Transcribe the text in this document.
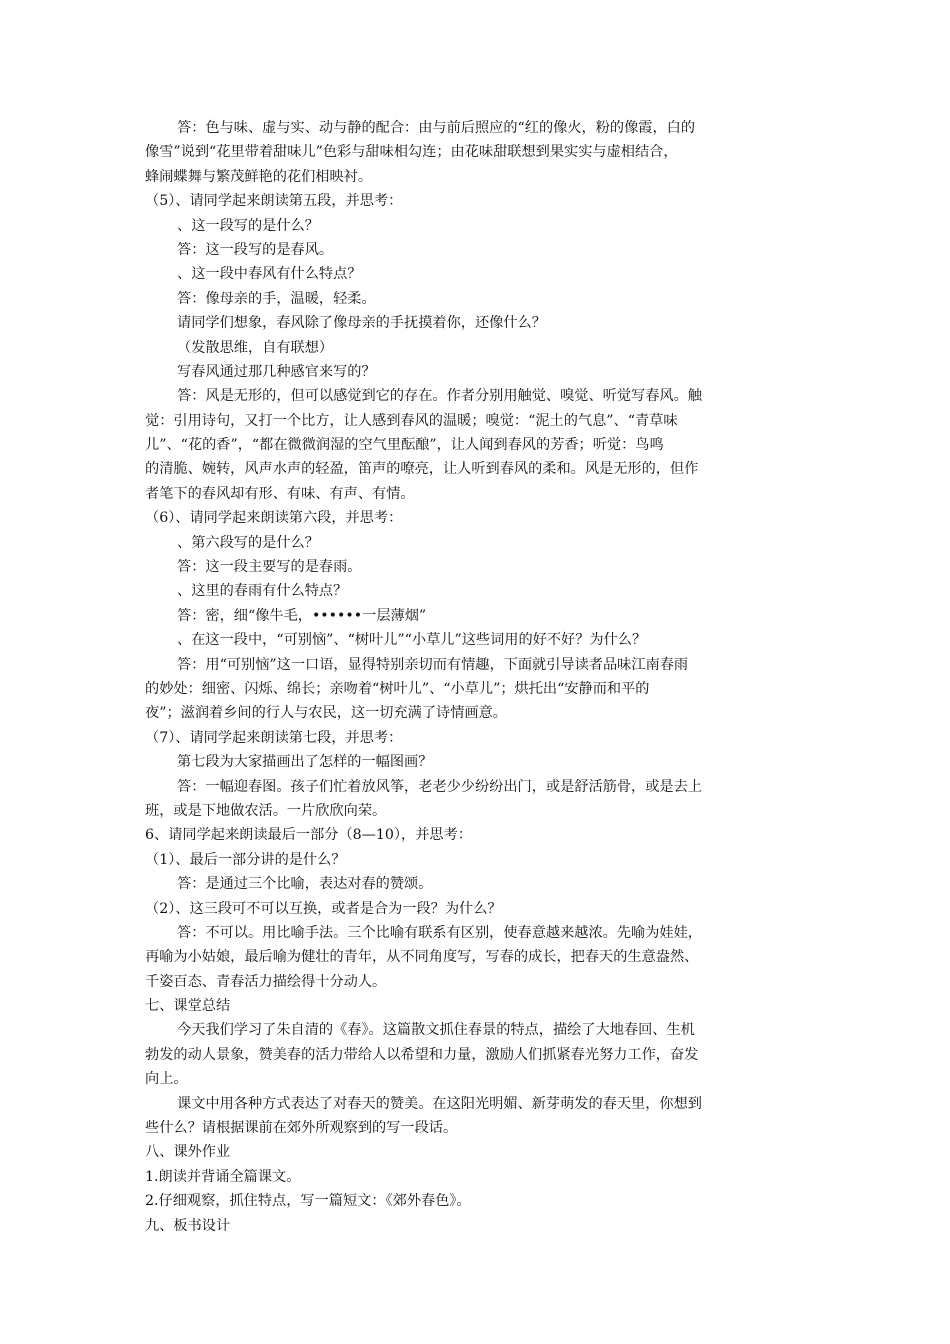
答：色与味、虚与实、动与静的配合：由与前后照应的“红的像火，粉的像霞，白的
像雪”说到“花里带着甜味儿”色彩与甜味相勾连；由花味甜联想到果实实与虚相结合，
蜂闹蝶舞与繁茂鲜艳的花们相映衬。
（5）、请同学起来朗读第五段，并思考：
、这一段写的是什么？
答：这一段写的是春风。
、这一段中春风有什么特点？
答：像母亲的手，温暖，轻柔。
请同学们想象，春风除了像母亲的手抚摸着你，还像什么？
（发散思维，自有联想）
写春风通过那几种感官来写的？
答：风是无形的，但可以感觉到它的存在。作者分别用触觉、嗅觉、听觉写春风。触
觉：引用诗句，又打一个比方，让人感到春风的温暖；嗅觉：“泥土的气息”、“青草味
儿”、“花的香”，“都在微微润湿的空气里酝酿”，让人闻到春风的芳香；听觉：鸟鸣
的清脆、婉转，风声水声的轻盈，笛声的嘹亮，让人听到春风的柔和。风是无形的，但作
者笔下的春风却有形、有味、有声、有情。
（6）、请同学起来朗读第六段，并思考：
、第六段写的是什么？
答：这一段主要写的是春雨。
、这里的春雨有什么特点？
答：密，细“像牛毛，••••••一层薄烟”
、在这一段中，“可别恼”、“树叶儿”“小草儿”这些词用的好不好？为什么？
答：用“可别恼”这一口语，显得特别亲切而有情趣，下面就引导读者品味江南春雨
的妙处：细密、闪烁、绵长；亲吻着“树叶儿”、“小草儿”；烘托出“安静而和平的
夜”；滋润着乡间的行人与农民，这一切充满了诗情画意。
（7）、请同学起来朗读第七段，并思考：
第七段为大家描画出了怎样的一幅图画？
答：一幅迎春图。孩子们忙着放风筝，老老少少纷纷出门，或是舒活筋骨，或是去上
班，或是下地做农活。一片欣欣向荣。
6、请同学起来朗读最后一部分（8—10），并思考：
（1）、最后一部分讲的是什么？
答：是通过三个比喻，表达对春的赞颂。
（2）、这三段可不可以互换，或者是合为一段？为什么？
答：不可以。用比喻手法。三个比喻有联系有区别，使春意越来越浓。先喻为娃娃，
再喻为小姑娘，最后喻为健壮的青年，从不同角度写，写春的成长，把春天的生意盎然、
千姿百态、青春活力描绘得十分动人。
七、课堂总结
今天我们学习了朱自清的《春》。这篇散文抓住春景的特点，描绘了大地春回、生机
勃发的动人景象，赞美春的活力带给人以希望和力量，激励人们抓紧春光努力工作，奋发
向上。
课文中用各种方式表达了对春天的赞美。在这阳光明媚、新芽萌发的春天里，你想到
些什么？请根据课前在郊外所观察到的写一段话。
八、课外作业
1.朗读并背诵全篇课文。
2.仔细观察，抓住特点，写一篇短文：《郊外春色》。
九、板书设计
